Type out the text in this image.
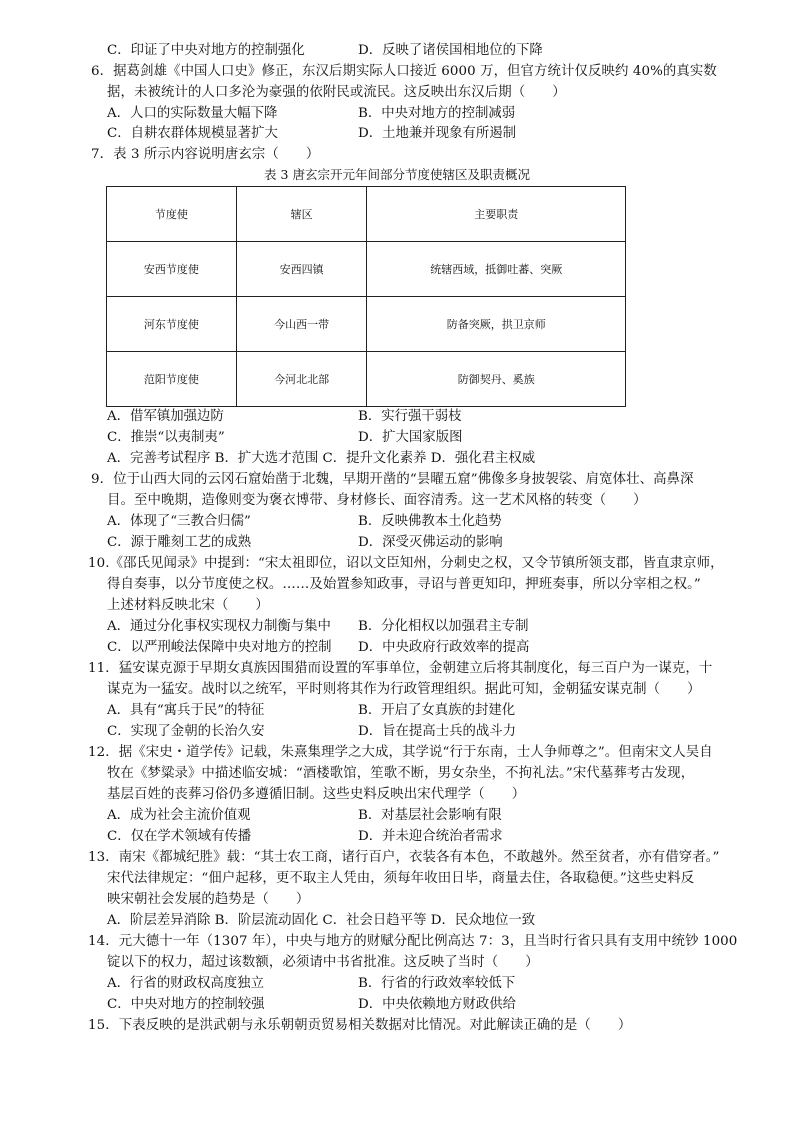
C．印证了中央对地方的控制强化	D．反映了诸侯国相地位的下降
6．据葛剑雄《中国人口史》修正，东汉后期实际人口接近 6000 万，但官方统计仅反映约 40%的真实数
据，未被统计的人口多沦为豪强的依附民或流民。这反映出东汉后期（　　）
A．人口的实际数量大幅下降	B．中央对地方的控制减弱
C．自耕农群体规模显著扩大	D．土地兼并现象有所遏制
7．表 3 所示内容说明唐玄宗（　　）
表 3 唐玄宗开元年间部分节度使辖区及职责概况
节度使	辖区	主要职责
安西节度使	安西四镇	统辖西域，抵御吐蕃、突厥
河东节度使	今山西一带	防备突厥，拱卫京师
范阳节度使	今河北北部	防御契丹、奚族
A．借军镇加强边防	B．实行强干弱枝
C．推崇“以夷制夷”	D．扩大国家版图
A．完善考试程序 B．扩大选才范围 C．提升文化素养 D．强化君主权威
9．位于山西大同的云冈石窟始凿于北魏，早期开凿的“昙曜五窟”佛像多身披袈裟、肩宽体壮、高鼻深
目。至中晚期，造像则变为褒衣博带、身材修长、面容清秀。这一艺术风格的转变（　　）
A．体现了“三教合归儒”	B．反映佛教本土化趋势
C．源于雕刻工艺的成熟	D．深受灭佛运动的影响
10.《邵氏见闻录》中提到：“宋太祖即位，诏以文臣知州，分刺史之权，又令节镇所领支郡，皆直隶京师，
得自奏事，以分节度使之权。……及始置参知政事，寻诏与普更知印，押班奏事，所以分宰相之权。”
上述材料反映北宋（　　）
A．通过分化事权实现权力制衡与集中 B．分化相权以加强君主专制
C．以严刑峻法保障中央对地方的控制 D．中央政府行政效率的提高
11．猛安谋克源于早期女真族因围猎而设置的军事单位，金朝建立后将其制度化，每三百户为一谋克，十
谋克为一猛安。战时以之统军，平时则将其作为行政管理组织。据此可知，金朝猛安谋克制（　　）
A．具有“寓兵于民”的特征	B．开启了女真族的封建化
C．实现了金朝的长治久安	D．旨在提高士兵的战斗力
12．据《宋史・道学传》记载，朱熹集理学之大成，其学说“行于东南，士人争师尊之”。但南宋文人吴自
牧在《梦粱录》中描述临安城：“酒楼歌馆，笙歌不断，男女杂坐，不拘礼法。”宋代墓葬考古发现，
基层百姓的丧葬习俗仍多遵循旧制。这些史料反映出宋代理学（　　）
A．成为社会主流价值观	B．对基层社会影响有限
C．仅在学术领域有传播	D．并未迎合统治者需求
13．南宋《都城纪胜》载：“其士农工商，诸行百户，衣装各有本色，不敢越外。然至贫者，亦有借穿者。”
宋代法律规定：“佃户起移，更不取主人凭由，须每年收田日毕，商量去住，各取稳便。”这些史料反
映宋朝社会发展的趋势是（　　）
A．阶层差异消除 B．阶层流动固化 C．社会日趋平等 D．民众地位一致
14．元大德十一年（1307 年），中央与地方的财赋分配比例高达 7：3，且当时行省只具有支用中统钞 1000
锭以下的权力，超过该数额，必须请中书省批准。这反映了当时（　　）
A．行省的财政权高度独立	B．行省的行政效率较低下
C．中央对地方的控制较强	D．中央依赖地方财政供给
15．下表反映的是洪武朝与永乐朝朝贡贸易相关数据对比情况。对此解读正确的是（　　）
